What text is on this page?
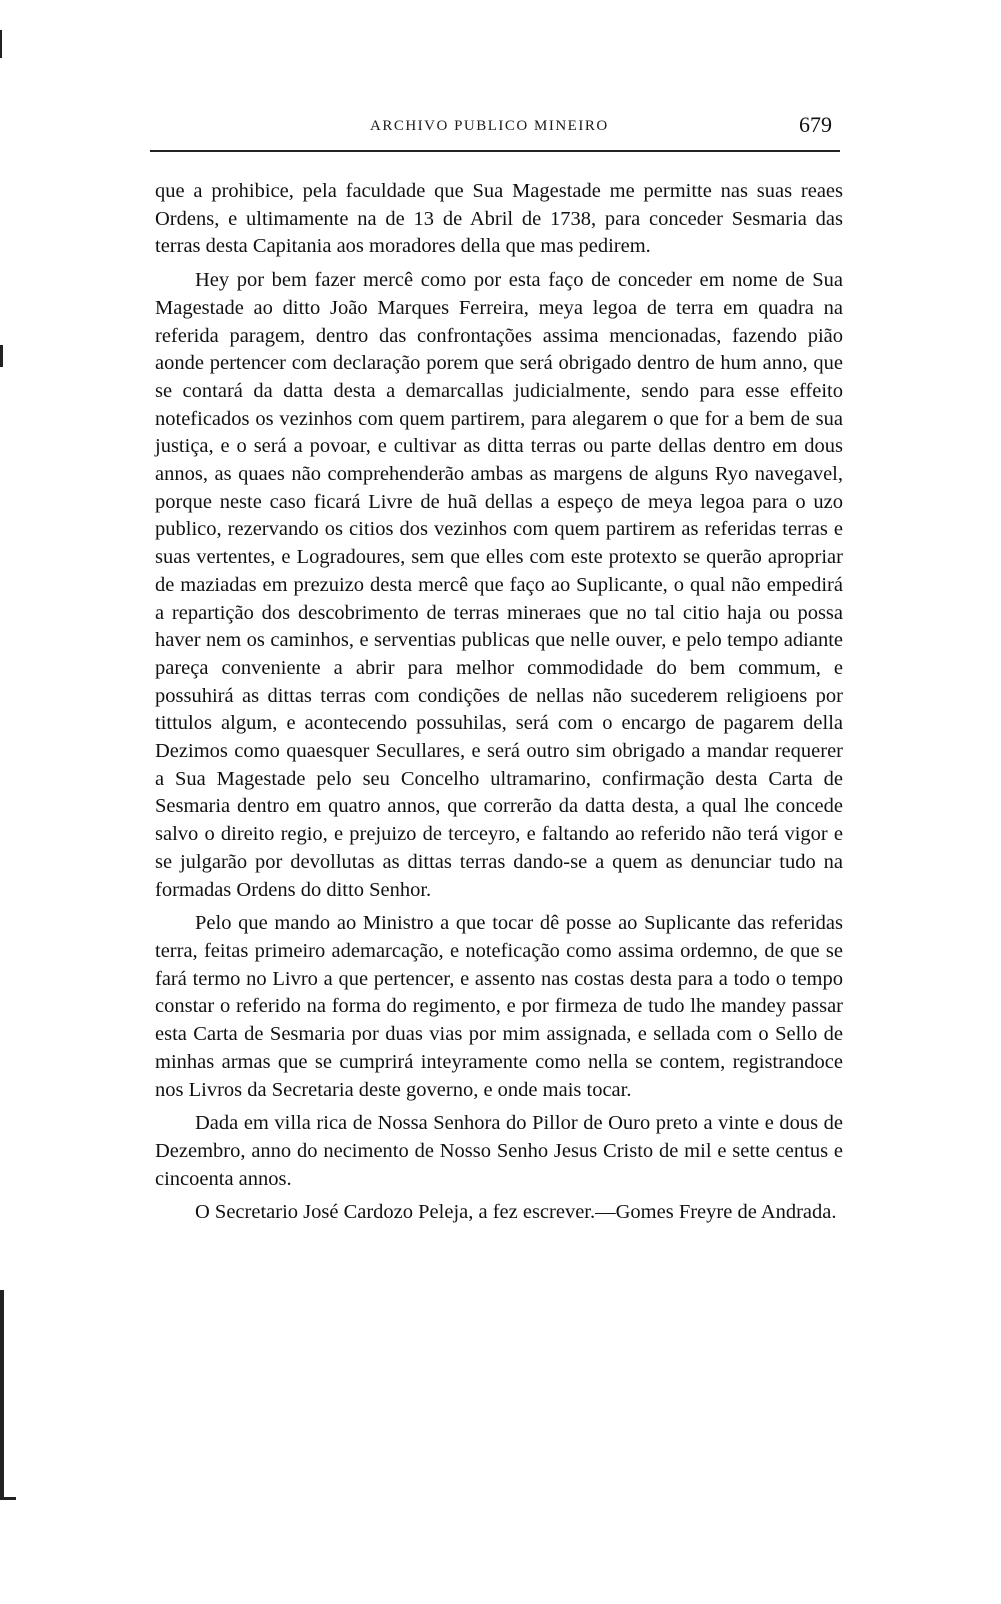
ARCHIVO PUBLICO MINEIRO	679

que a prohibice, pela faculdade que Sua Magestade me permitte nas suas reaes Ordens, e ultimamente na de 13 de Abril de 1738, para conceder Sesmaria das terras desta Capitania aos moradores della que mas pedirem.

Hey por bem fazer mercê como por esta faço de conceder em nome de Sua Magestade ao ditto João Marques Ferreira, meya legoa de terra em quadra na referida paragem, dentro das confrontações assima mencionadas, fazendo pião aonde pertencer com declaração porem que será obrigado dentro de hum anno, que se contará da datta desta a demarcallas judicialmente, sendo para esse effeito noteficados os vezinhos com quem partirem, para alegarem o que for a bem de sua justiça, e o será a povoar, e cultivar as ditta terras ou parte dellas dentro em dous annos, as quaes não comprehenderão ambas as margens de alguns Ryo navegavel, porque neste caso ficará Livre de huã dellas a espeço de meya legoa para o uzo publico, rezervando os citios dos vezinhos com quem partirem as referidas terras e suas vertentes, e Logradoures, sem que elles com este protexto se querão apropriar de maziadas em prezuizo desta mercê que faço ao Suplicante, o qual não empedirá a repartição dos descobrimento de terras mineraes que no tal citio haja ou possa haver nem os caminhos, e serventias publicas que nelle ouver, e pelo tempo adiante pareça conveniente a abrir para melhor commodidade do bem commum, e possuhirá as dittas terras com condições de nellas não sucederem religioens por tittulos algum, e acontecendo possuhilas, será com o encargo de pagarem della Dezimos como quaesquer Secullares, e será outro sim obrigado a mandar requerer a Sua Magestade pelo seu Concelho ultramarino, confirmação desta Carta de Sesmaria dentro em quatro annos, que correrão da datta desta, a qual lhe concede salvo o direito regio, e prejuizo de terceyro, e faltando ao referido não terá vigor e se julgarão por devollutas as dittas terras dando-se a quem as denunciar tudo na formadas Ordens do ditto Senhor.

Pelo que mando ao Ministro a que tocar dê posse ao Suplicante das referidas terra, feitas primeiro ademarcação, e noteficação como assima ordemno, de que se fará termo no Livro a que pertencer, e assento nas costas desta para a todo o tempo constar o referido na forma do regimento, e por firmeza de tudo lhe mandey passar esta Carta de Sesmaria por duas vias por mim assignada, e sellada com o Sello de minhas armas que se cumprirá inteyramente como nella se contem, registrandoce nos Livros da Secretaria deste governo, e onde mais tocar.

Dada em villa rica de Nossa Senhora do Pillor de Ouro preto a vinte e dous de Dezembro, anno do necimento de Nosso Senho Jesus Cristo de mil e sette centus e cincoenta annos.

O Secretario José Cardozo Peleja, a fez escrever.—Gomes Freyre de Andrada.
